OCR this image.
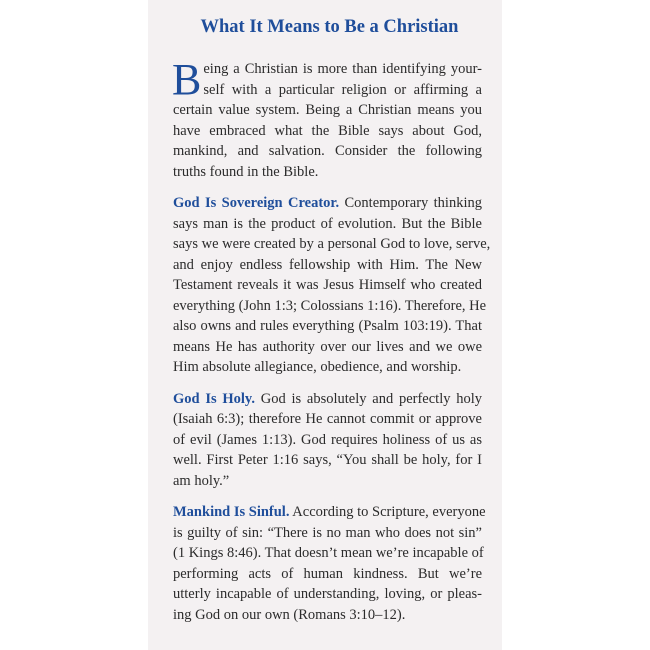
What It Means to Be a Christian
B eing a Christian is more than identifying your-
self with a particular religion or affirming a
certain value system. Being a Christian means you
have embraced what the Bible says about God,
mankind, and salvation. Consider the following
truths found in the Bible.
God Is Sovereign Creator. Contemporary thinking
says man is the product of evolution. But the Bible
says we were created by a personal God to love, serve,
and enjoy endless fellowship with Him. The New
Testament reveals it was Jesus Himself who created
everything (John 1:3; Colossians 1:16). Therefore, He
also owns and rules everything (Psalm 103:19). That
means He has authority over our lives and we owe
Him absolute allegiance, obedience, and worship.
God Is Holy. God is absolutely and perfectly holy
(Isaiah 6:3); therefore He cannot commit or approve
of evil (James 1:13). God requires holiness of us as
well. First Peter 1:16 says, “You shall be holy, for I
am holy.”
Mankind Is Sinful. According to Scripture, everyone
is guilty of sin: “There is no man who does not sin”
(1 Kings 8:46). That doesn’t mean we’re incapable of
performing acts of human kindness. But we’re
utterly incapable of understanding, loving, or pleas-
ing God on our own (Romans 3:10–12).
